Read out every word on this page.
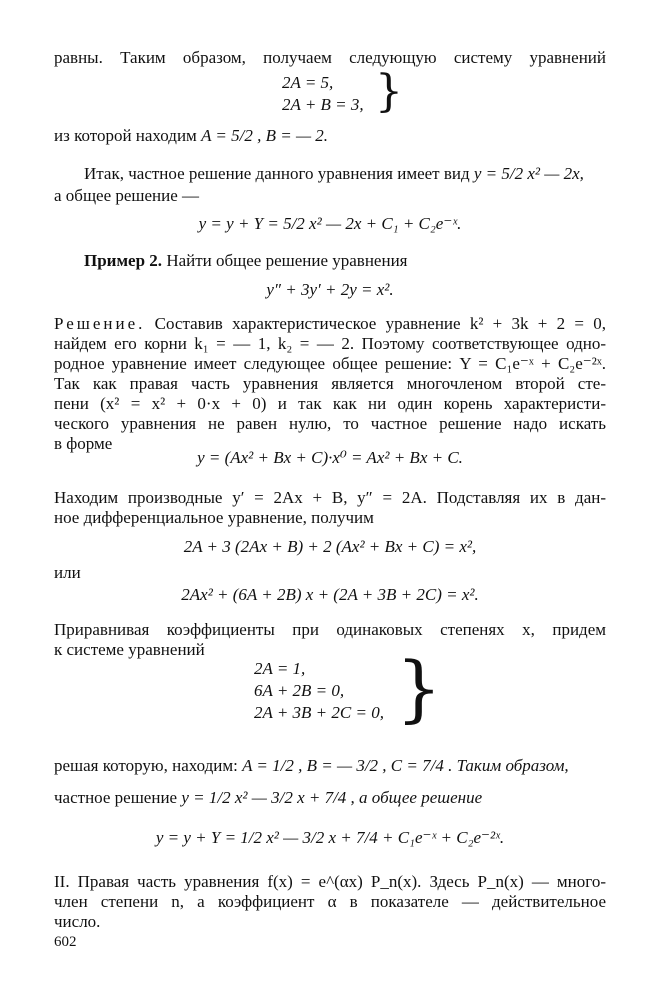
равны. Таким образом, получаем следующую систему уравнений
2A = 5,
2A + B = 3, }
из которой находим A = 5/2 , B = — 2.
Итак, частное решение данного уравнения имеет вид y = 5/2 x² — 2x,
а общее решение —
y = y + Y = 5/2 x² — 2x + C₁ + C₂e⁻ˣ.
Пример 2. Найти общее решение уравнения
y″ + 3y′ + 2y = x².
Решение. Составив характеристическое уравнение k² + 3k + 2 = 0,
найдем его корни k₁ = — 1, k₂ = — 2. Поэтому соответствующее одно-
родное уравнение имеет следующее общее решение: Y = C₁e⁻ˣ + C₂e⁻²ˣ.
Так как правая часть уравнения является многочленом второй сте-
пени (x² = x² + 0·x + 0) и так как ни один корень характеристи-
ческого уравнения не равен нулю, то частное решение надо искать
в форме
y = (Ax² + Bx + C)·x⁰ = Ax² + Bx + C.
Находим производные y′ = 2Ax + B, y″ = 2A. Подставляя их в дан-
ное дифференциальное уравнение, получим
2A + 3 (2Ax + B) + 2 (Ax² + Bx + C) = x²,
или
2Ax² + (6A + 2B) x + (2A + 3B + 2C) = x².
Приравнивая коэффициенты при одинаковых степенях x, придем
к системе уравнений
2A = 1,
6A + 2B = 0,
2A + 3B + 2C = 0, }
решая которую, находим: A = 1/2 , B = — 3/2 , C = 7/4 . Таким образом,
частное решение y = 1/2 x² — 3/2 x + 7/4 , а общее решение
y = y + Y = 1/2 x² — 3/2 x + 7/4 + C₁e⁻ˣ + C₂e⁻²ˣ.
II. Правая часть уравнения f(x) = e^(αx) P_n(x). Здесь P_n(x) — много-
член степени n, а коэффициент α в показателе — действительное
число.
602
